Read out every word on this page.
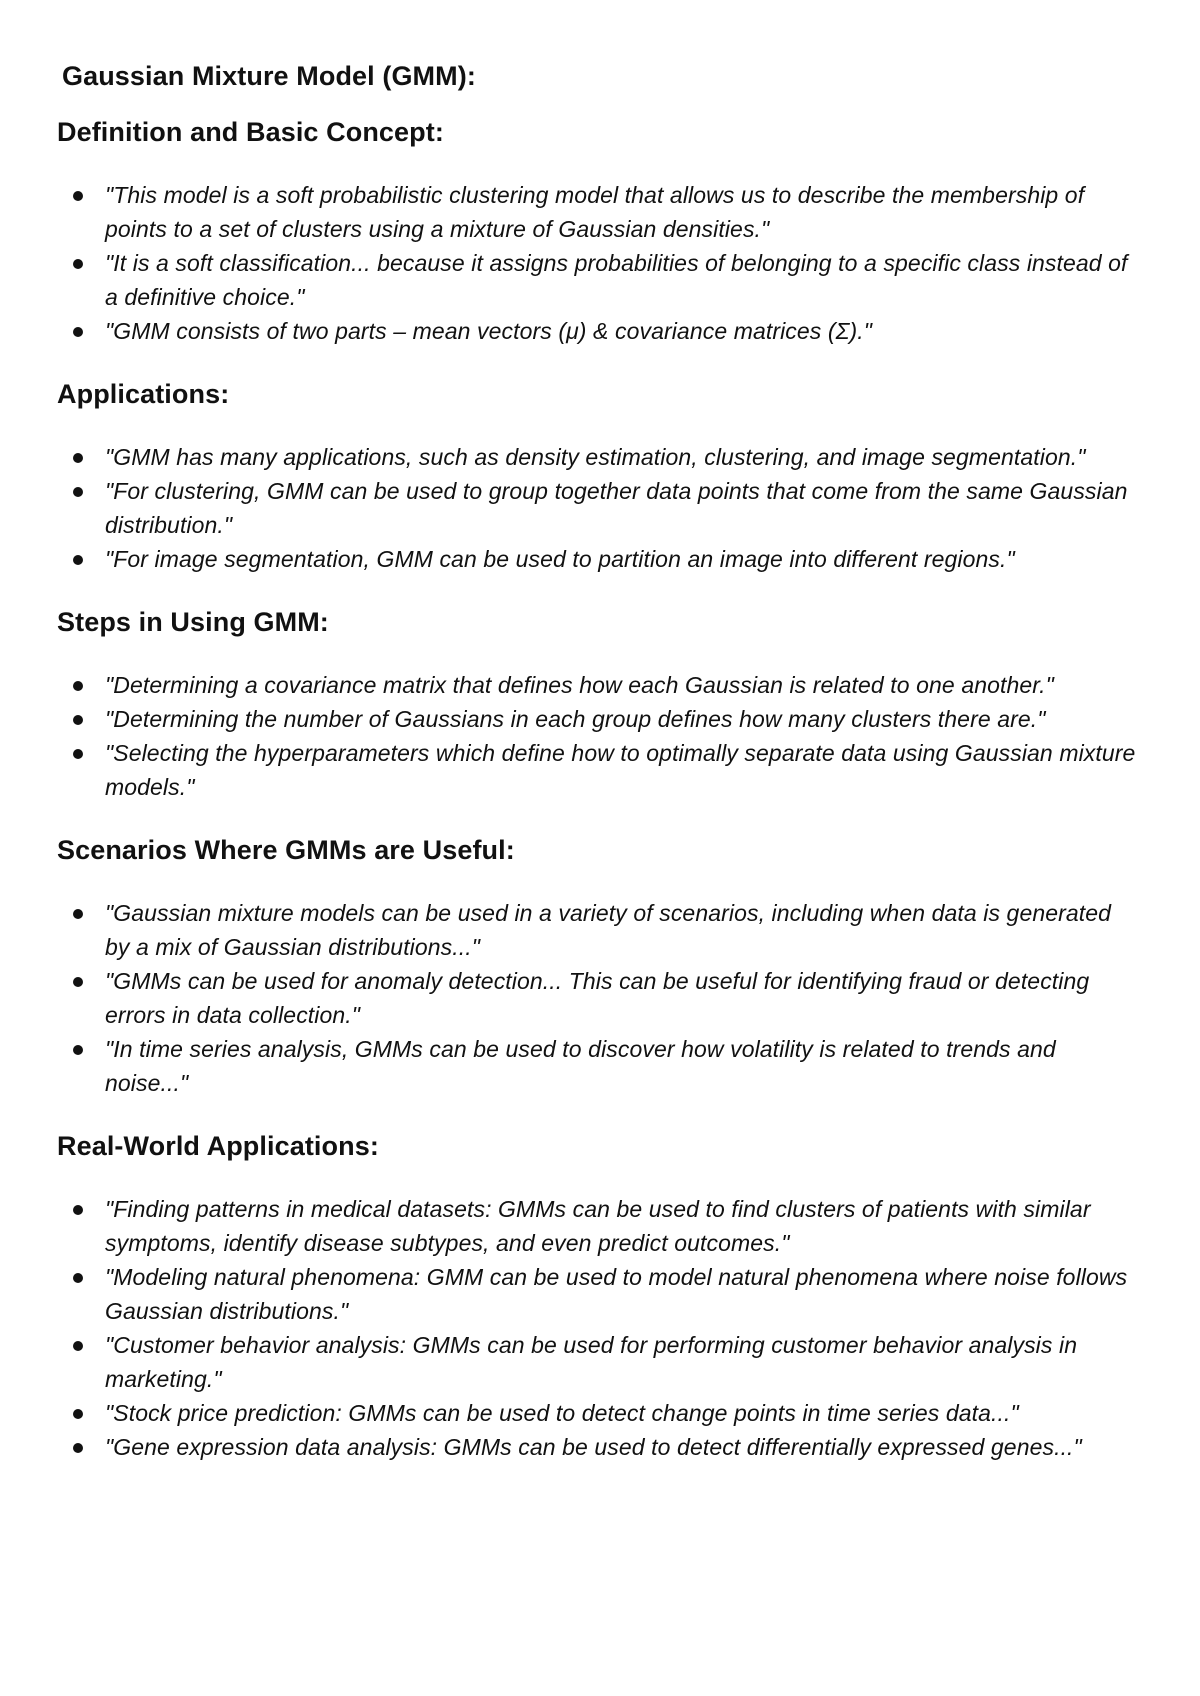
Gaussian Mixture Model (GMM):
Definition and Basic Concept:
"This model is a soft probabilistic clustering model that allows us to describe the membership of points to a set of clusters using a mixture of Gaussian densities."
"It is a soft classification... because it assigns probabilities of belonging to a specific class instead of a definitive choice."
"GMM consists of two parts – mean vectors (μ) & covariance matrices (Σ)."
Applications:
"GMM has many applications, such as density estimation, clustering, and image segmentation."
"For clustering, GMM can be used to group together data points that come from the same Gaussian distribution."
"For image segmentation, GMM can be used to partition an image into different regions."
Steps in Using GMM:
"Determining a covariance matrix that defines how each Gaussian is related to one another."
"Determining the number of Gaussians in each group defines how many clusters there are."
"Selecting the hyperparameters which define how to optimally separate data using Gaussian mixture models."
Scenarios Where GMMs are Useful:
"Gaussian mixture models can be used in a variety of scenarios, including when data is generated by a mix of Gaussian distributions..."
"GMMs can be used for anomaly detection... This can be useful for identifying fraud or detecting errors in data collection."
"In time series analysis, GMMs can be used to discover how volatility is related to trends and noise..."
Real-World Applications:
"Finding patterns in medical datasets: GMMs can be used to find clusters of patients with similar symptoms, identify disease subtypes, and even predict outcomes."
"Modeling natural phenomena: GMM can be used to model natural phenomena where noise follows Gaussian distributions."
"Customer behavior analysis: GMMs can be used for performing customer behavior analysis in marketing."
"Stock price prediction: GMMs can be used to detect change points in time series data..."
"Gene expression data analysis: GMMs can be used to detect differentially expressed genes..."
